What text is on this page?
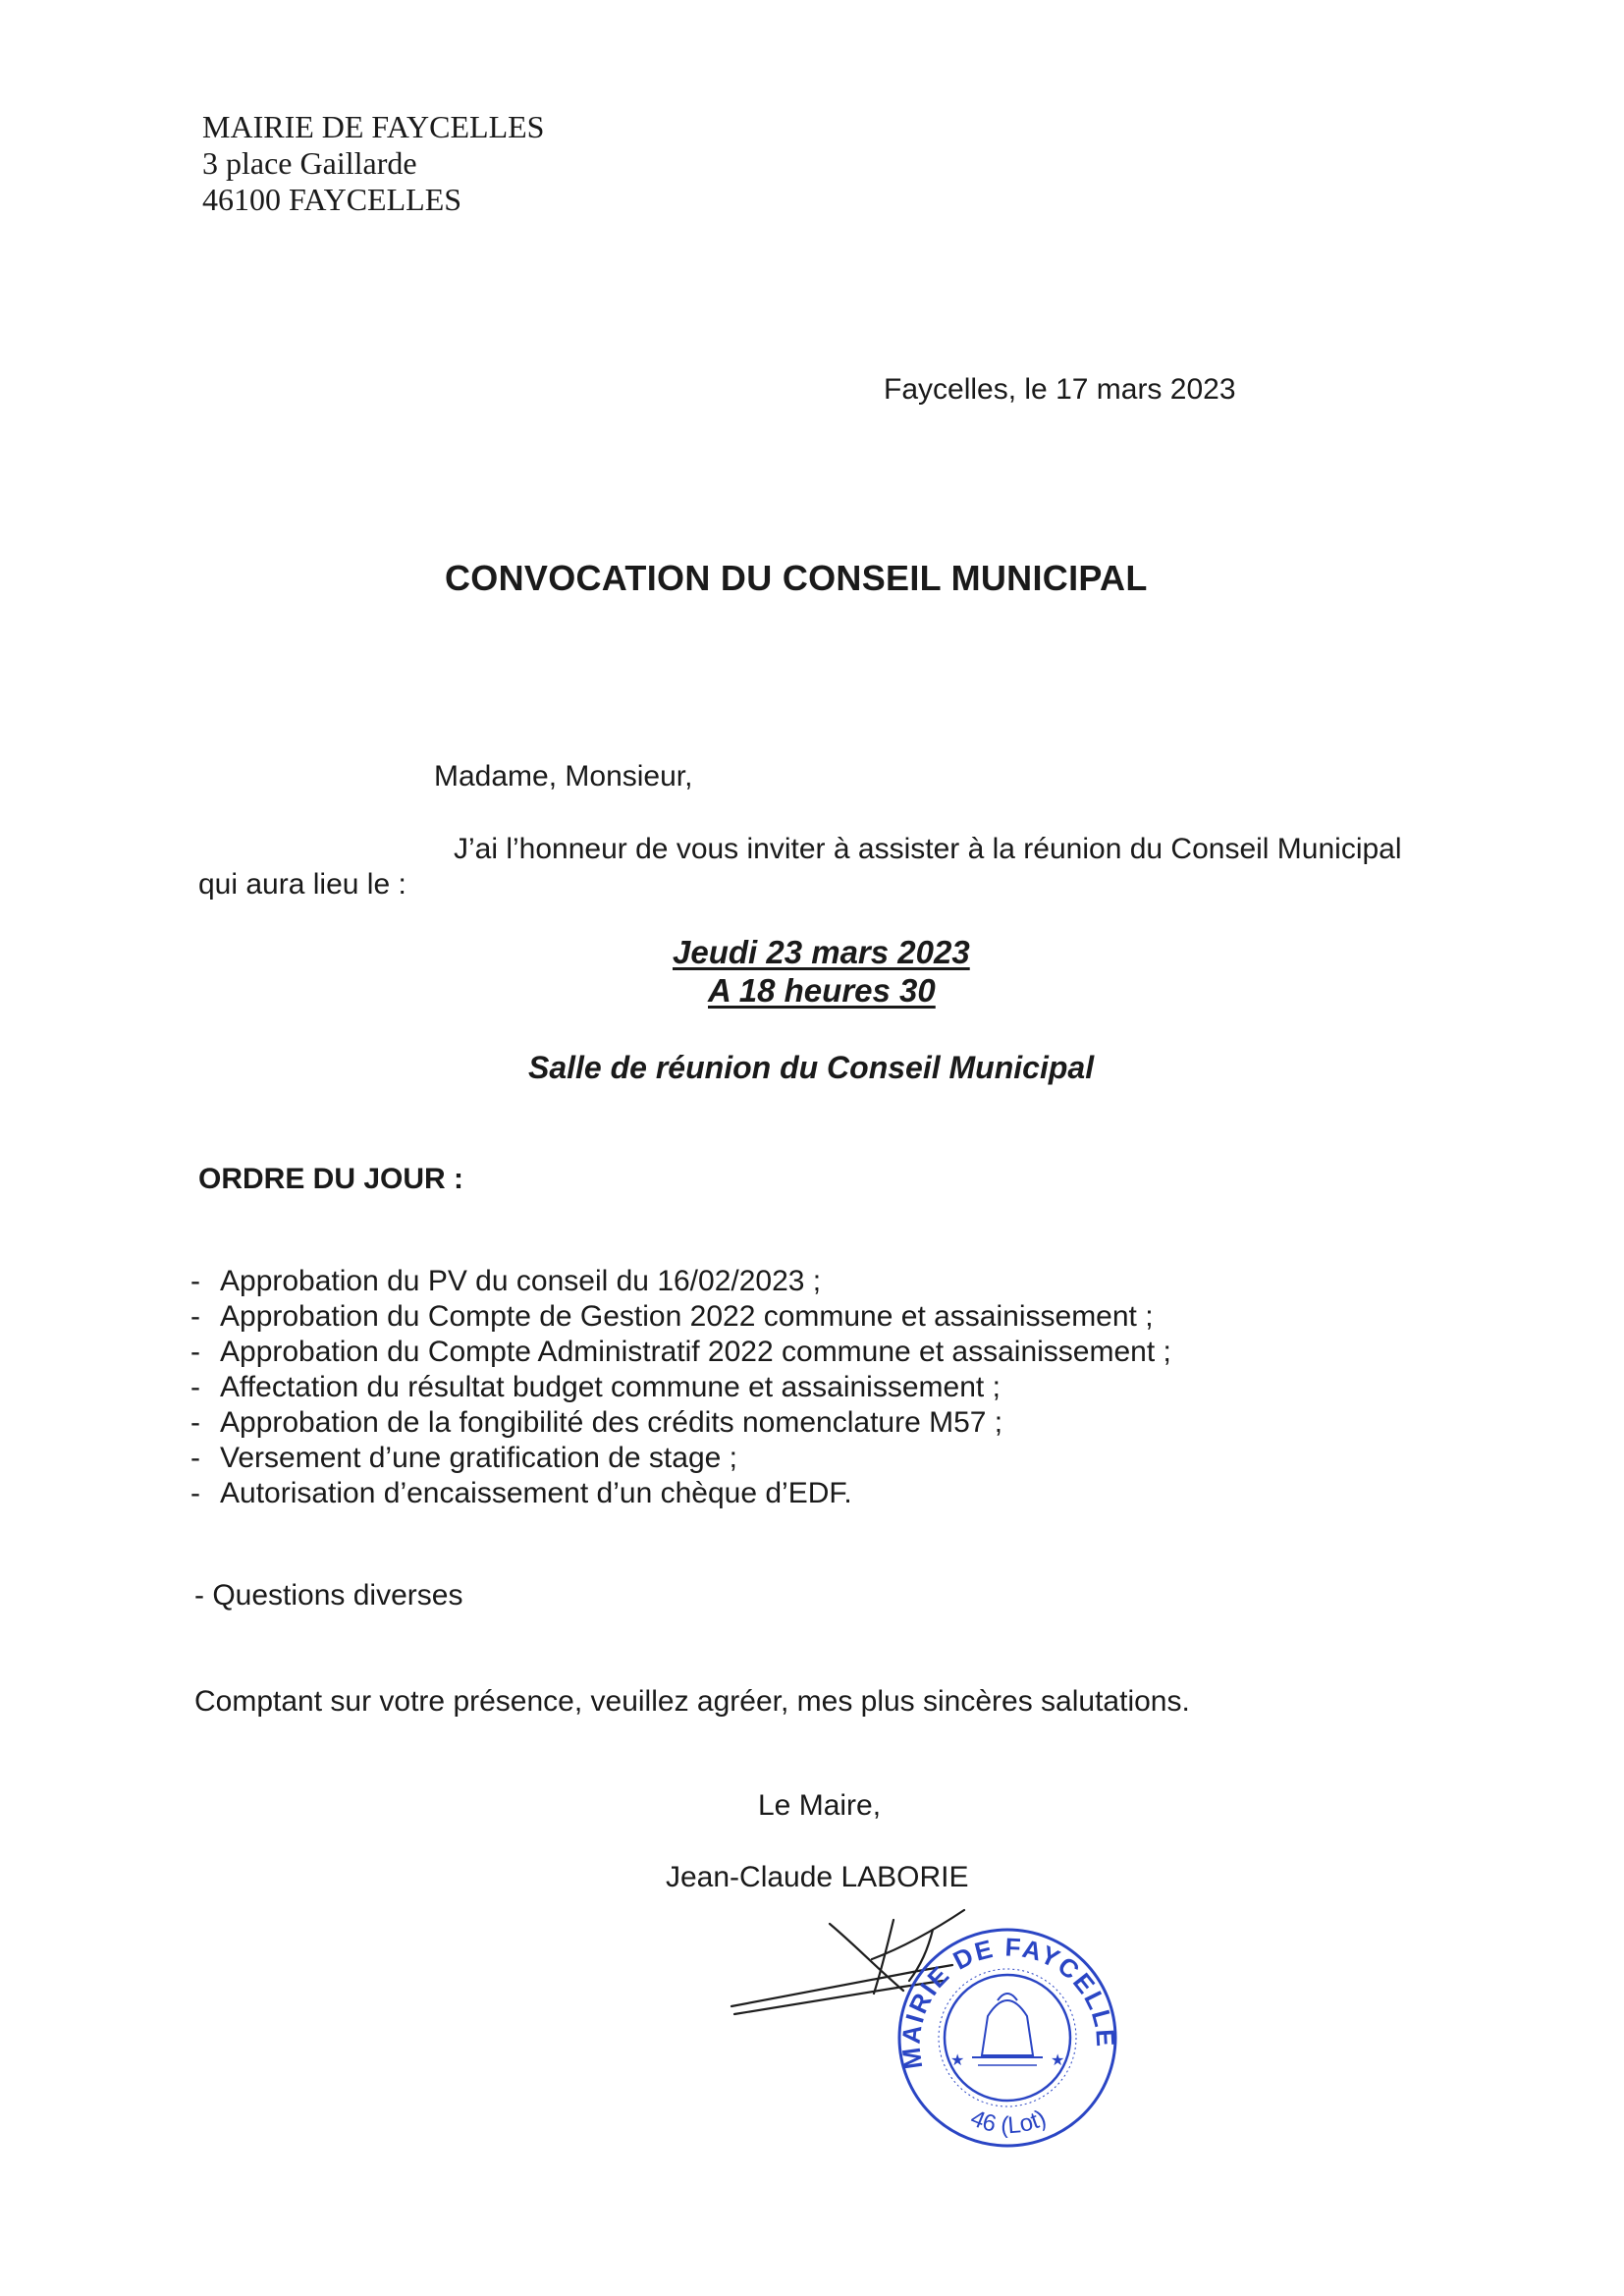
MAIRIE DE FAYCELLES
3 place Gaillarde
46100 FAYCELLES
Faycelles, le 17 mars 2023
CONVOCATION DU CONSEIL MUNICIPAL
Madame, Monsieur,
J’ai l’honneur de vous inviter à assister à la réunion du Conseil Municipal
qui aura lieu le :
Jeudi 23 mars 2023
A 18 heures 30
Salle de réunion du Conseil Municipal
ORDRE DU JOUR :
- Approbation du PV du conseil du 16/02/2023 ;
- Approbation du Compte de Gestion 2022 commune et assainissement ;
- Approbation du Compte Administratif 2022 commune et assainissement ;
- Affectation du résultat budget commune et assainissement ;
- Approbation de la fongibilité des crédits nomenclature M57 ;
- Versement d’une gratification de stage ;
- Autorisation d’encaissement d’un chèque d’EDF.
- Questions diverses
Comptant sur votre présence, veuillez agréer, mes plus sincères salutations.
Le Maire,
Jean-Claude LABORIE
★	★
MAIRIE DE FAYCELLE
46 (Lot)
